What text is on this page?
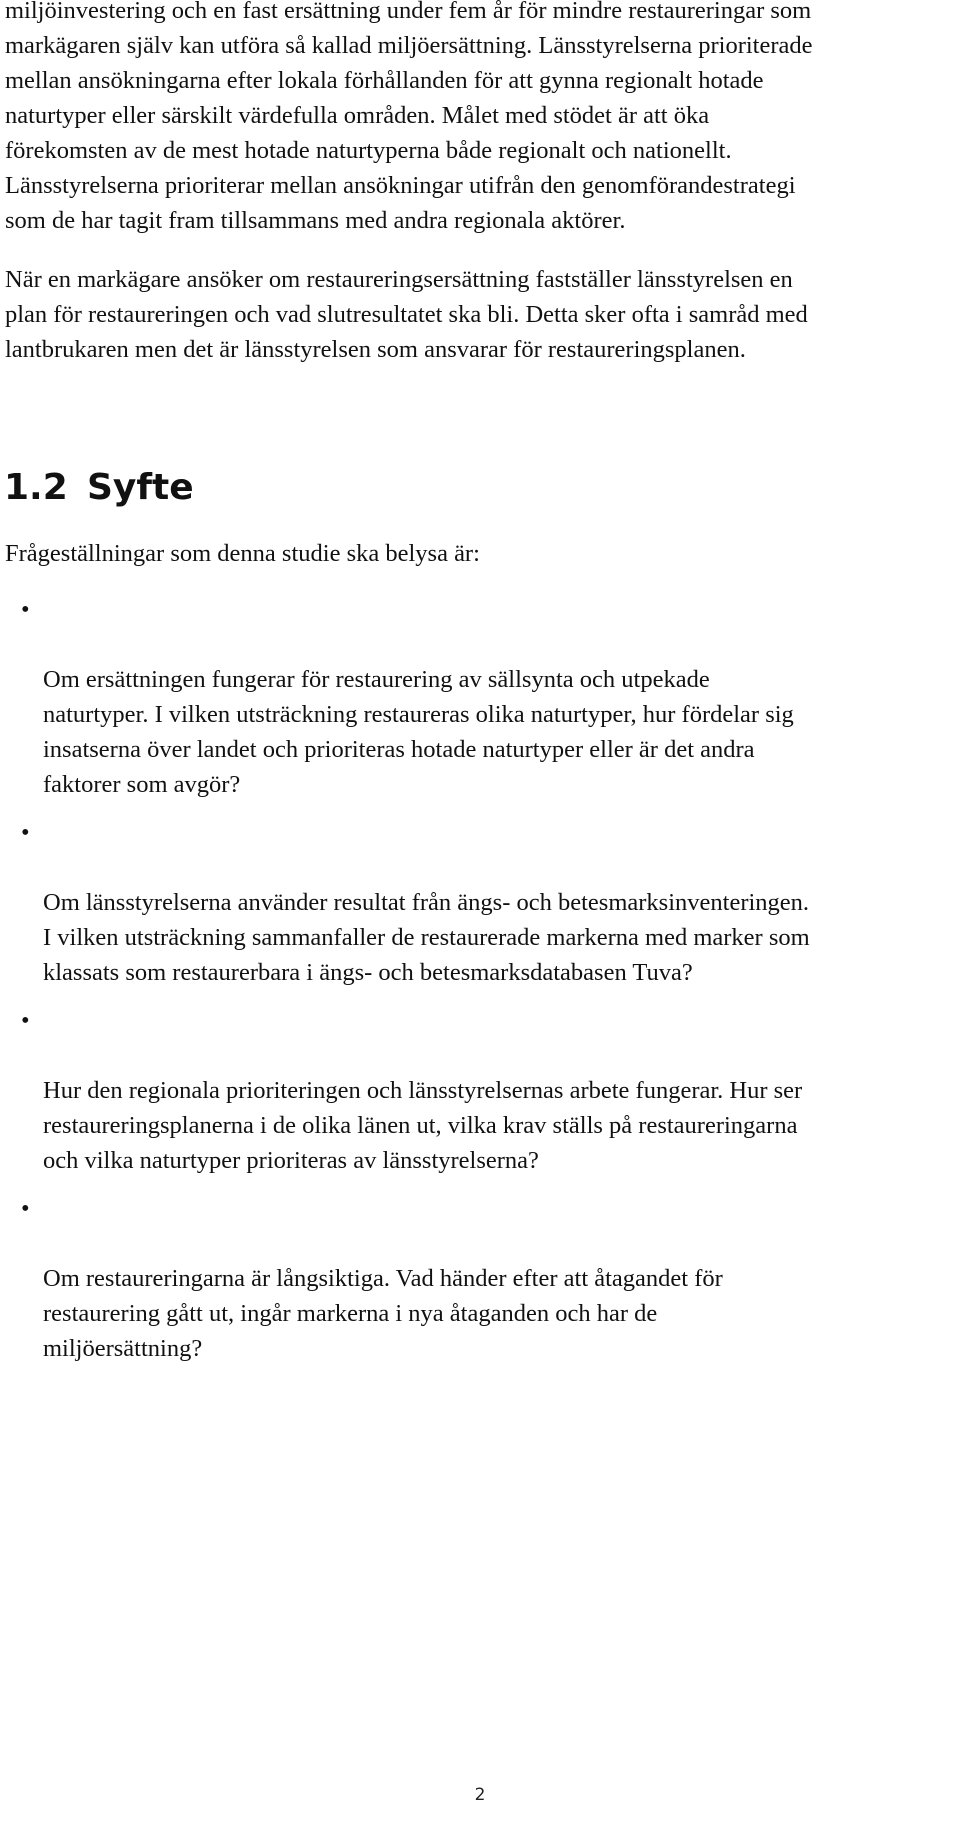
miljöinvestering och en fast ersättning under fem år för mindre restaureringar som
markägaren själv kan utföra så kallad miljöersättning. Länsstyrelserna prioriterade
mellan ansökningarna efter lokala förhållanden för att gynna regionalt hotade
naturtyper eller särskilt värdefulla områden. Målet med stödet är att öka
förekomsten av de mest hotade naturtyperna både regionalt och nationellt.
Länsstyrelserna prioriterar mellan ansökningar utifrån den genomförandestrategi
som de har tagit fram tillsammans med andra regionala aktörer.

När en markägare ansöker om restaureringsersättning fastställer länsstyrelsen en
plan för restaureringen och vad slutresultatet ska bli. Detta sker ofta i samråd med
lantbrukaren men det är länsstyrelsen som ansvarar för restaureringsplanen.

1.2 Syfte

Frågeställningar som denna studie ska belysa är:

•

Om ersättningen fungerar för restaurering av sällsynta och utpekade
naturtyper. I vilken utsträckning restaureras olika naturtyper, hur fördelar sig
insatserna över landet och prioriteras hotade naturtyper eller är det andra
faktorer som avgör?

•

Om länsstyrelserna använder resultat från ängs- och betesmarksinventeringen.
I vilken utsträckning sammanfaller de restaurerade markerna med marker som
klassats som restaurerbara i ängs- och betesmarksdatabasen Tuva?

•

Hur den regionala prioriteringen och länsstyrelsernas arbete fungerar. Hur ser
restaureringsplanerna i de olika länen ut, vilka krav ställs på restaureringarna
och vilka naturtyper prioriteras av länsstyrelserna?

•

Om restaureringarna är långsiktiga. Vad händer efter att åtagandet för
restaurering gått ut, ingår markerna i nya åtaganden och har de
miljöersättning?

2
